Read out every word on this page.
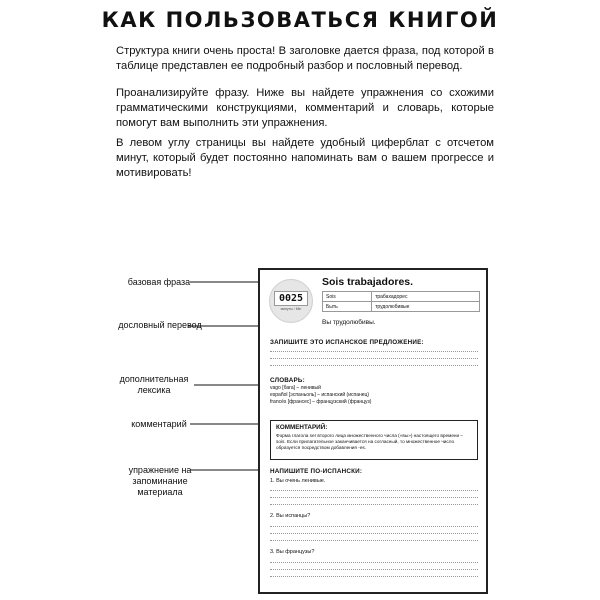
КАК ПОЛЬЗОВАТЬСЯ КНИГОЙ

Структура книги очень проста! В заголовке дается фраза, под которой в таблице представлен ее подробный разбор и пословный перевод.

Проанализируйте фразу. Ниже вы найдете упражнения со схожими грамматическими конструкциями, комментарий и словарь, которые помогут вам выполнить эти упражнения.

В левом углу страницы вы найдете удобный циферблат с отсчетом минут, который будет постоянно напоминать вам о вашем прогрессе и мотивировать!

базовая фраза
дословный перевод
дополнительная лексика
комментарий
упражнение на запоминание материала
0025
минуты / Min
Sois trabajadores.
Sois	трабахадорес
Быть	трудолюбивые
Вы трудолюбивы.
ЗАПИШИТЕ ЭТО ИСПАНСКОЕ ПРЕДЛОЖЕНИЕ:
СЛОВАРЬ:
vago [бага] – ленивый
español [эспаньоль] – испанский (испанец)
francés [франсес] – французский (француз)
КОММЕНТАРИЙ:
Форма глагола ser второго лица множественного числа («вы») настоящего времени – sois. Если прилагательное заканчивается на согласный, то множественное число образуется посредством добавления -es.
НАПИШИТЕ ПО-ИСПАНСКИ:
1. Вы очень ленивые.
2. Вы испанцы?
3. Вы французы?
